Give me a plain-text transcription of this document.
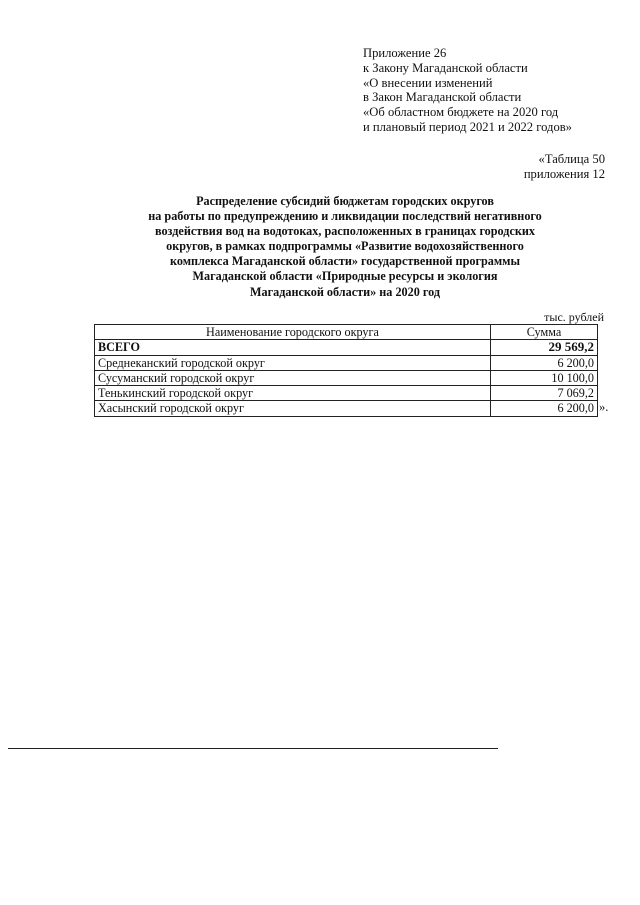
Приложение 26
к Закону Магаданской области
«О внесении изменений
в Закон Магаданской области
«Об областном бюджете на 2020 год
и плановый период 2021 и 2022 годов»
«Таблица 50
приложения 12
Распределение субсидий бюджетам городских округов
на работы по предупреждению и ликвидации последствий негативного
воздействия вод на водотоках, расположенных в границах городских
округов, в рамках подпрограммы «Развитие водохозяйственного
комплекса Магаданской области» государственной программы
Магаданской области «Природные ресурсы и экология
Магаданской области» на 2020 год
тыс. рублей
Наименование городского округа	Сумма
ВСЕГО	29 569,2
Среднеканский городской округ	6 200,0
Сусуманский городской округ	10 100,0
Тенькинский городской округ	7 069,2
Хасынский городской округ	6 200,0 ».
